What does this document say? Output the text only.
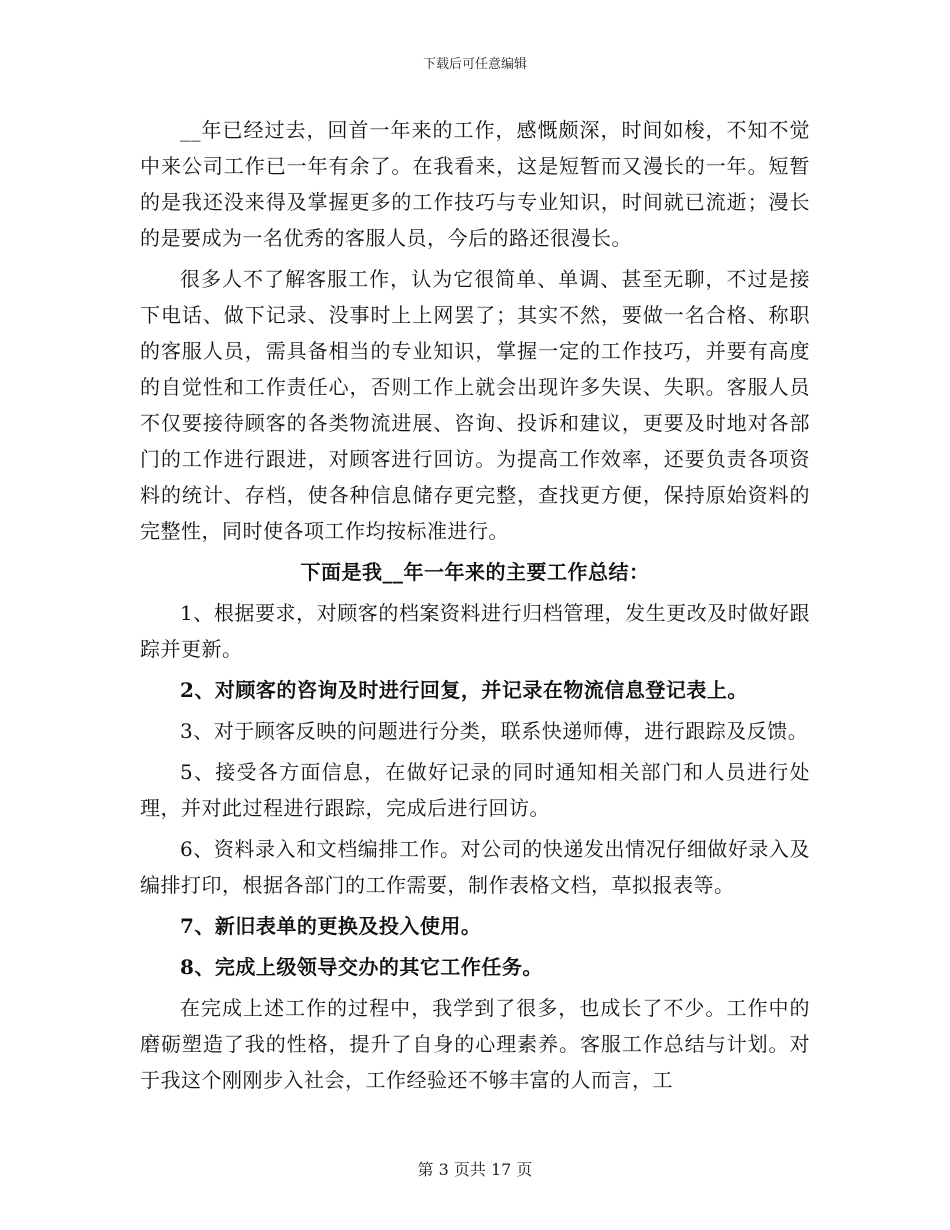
下载后可任意编辑

__年已经过去，回首一年来的工作，感慨颇深，时间如梭，不知不觉中来公司工作已一年有余了。在我看来，这是短暂而又漫长的一年。短暂的是我还没来得及掌握更多的工作技巧与专业知识，时间就已流逝；漫长的是要成为一名优秀的客服人员，今后的路还很漫长。

很多人不了解客服工作，认为它很简单、单调、甚至无聊，不过是接下电话、做下记录、没事时上上网罢了；其实不然，要做一名合格、称职的客服人员，需具备相当的专业知识，掌握一定的工作技巧，并要有高度的自觉性和工作责任心，否则工作上就会出现许多失误、失职。客服人员不仅要接待顾客的各类物流进展、咨询、投诉和建议，更要及时地对各部门的工作进行跟进，对顾客进行回访。为提高工作效率，还要负责各项资料的统计、存档，使各种信息储存更完整，查找更方便，保持原始资料的完整性，同时使各项工作均按标准进行。

下面是我__年一年来的主要工作总结：

1、根据要求，对顾客的档案资料进行归档管理，发生更改及时做好跟踪并更新。

2、对顾客的咨询及时进行回复，并记录在物流信息登记表上。

3、对于顾客反映的问题进行分类，联系快递师傅，进行跟踪及反馈。

5、接受各方面信息，在做好记录的同时通知相关部门和人员进行处理，并对此过程进行跟踪，完成后进行回访。

6、资料录入和文档编排工作。对公司的快递发出情况仔细做好录入及编排打印，根据各部门的工作需要，制作表格文档，草拟报表等。

7、新旧表单的更换及投入使用。

8、完成上级领导交办的其它工作任务。

在完成上述工作的过程中，我学到了很多，也成长了不少。工作中的磨砺塑造了我的性格，提升了自身的心理素养。客服工作总结与计划。对于我这个刚刚步入社会，工作经验还不够丰富的人而言，工

第 3 页共 17 页
